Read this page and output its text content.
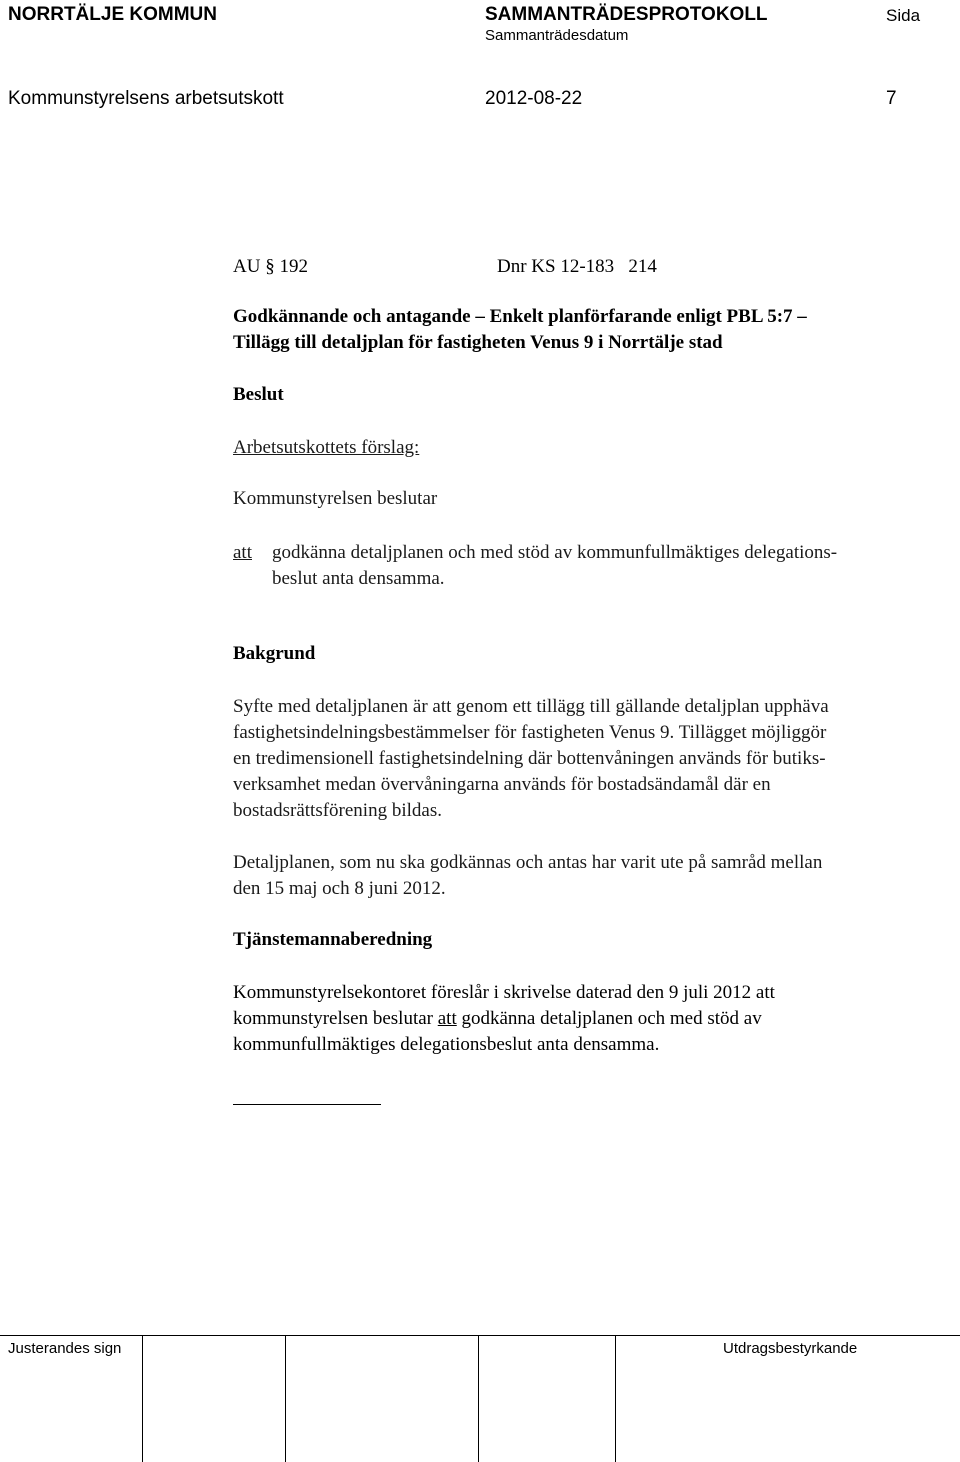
NORRTÄLJE KOMMUN	SAMMANTRÄDESPROTOKOLL
Sammanträdesdatum
Sida
Kommunstyrelsens arbetsutskott	2012-08-22	7
AU § 192	Dnr KS 12-183   214
Godkännande och antagande – Enkelt planförfarande enligt PBL 5:7 –
Tillägg till detaljplan för fastigheten Venus 9 i Norrtälje stad
Beslut
Arbetsutskottets förslag:
Kommunstyrelsen beslutar
att godkänna detaljplanen och med stöd av kommunfullmäktiges delegations-
beslut anta densamma.
Bakgrund
Syfte med detaljplanen är att genom ett tillägg till gällande detaljplan upphäva
fastighetsindelningsbestämmelser för fastigheten Venus 9. Tillägget möjliggör
en tredimensionell fastighetsindelning där bottenvåningen används för butiks-
verksamhet medan övervåningarna används för bostadsändamål där en
bostadsrättsförening bildas.
Detaljplanen, som nu ska godkännas och antas har varit ute på samråd mellan
den 15 maj och 8 juni 2012.
Tjänstemannaberedning
Kommunstyrelsekontoret föreslår i skrivelse daterad den 9 juli 2012 att
kommunstyrelsen beslutar att godkänna detaljplanen och med stöd av
kommunfullmäktiges delegationsbeslut anta densamma.
Justerandes sign	Utdragsbestyrkande
